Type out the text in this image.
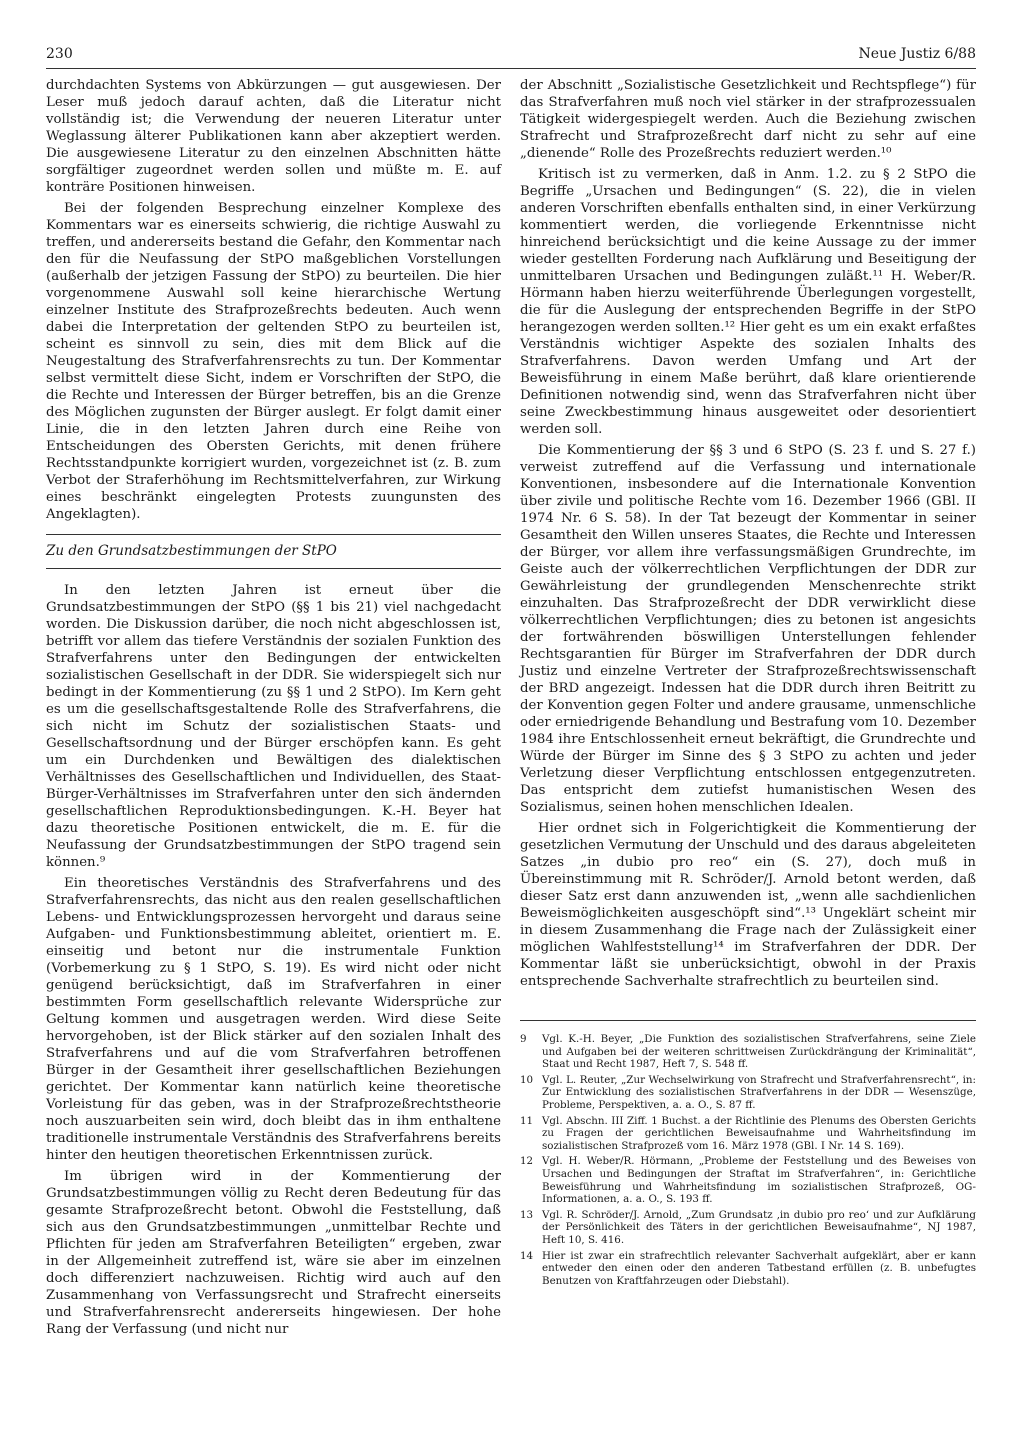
230	Neue Justiz 6/88

durchdachten Systems von Abkürzungen — gut ausgewiesen. Der Leser muß jedoch darauf achten, daß die Literatur nicht vollständig ist; die Verwendung der neueren Literatur unter Weglassung älterer Publikationen kann aber akzeptiert werden. Die ausgewiesene Literatur zu den einzelnen Abschnitten hätte sorgfältiger zugeordnet werden sollen und müßte m. E. auf konträre Positionen hinweisen.

Bei der folgenden Besprechung einzelner Komplexe des Kommentars war es einerseits schwierig, die richtige Auswahl zu treffen, und andererseits bestand die Gefahr, den Kommentar nach den für die Neufassung der StPO maßgeblichen Vorstellungen (außerhalb der jetzigen Fassung der StPO) zu beurteilen. Die hier vorgenommene Auswahl soll keine hierarchische Wertung einzelner Institute des Strafprozeßrechts bedeuten. Auch wenn dabei die Interpretation der geltenden StPO zu beurteilen ist, scheint es sinnvoll zu sein, dies mit dem Blick auf die Neugestaltung des Strafverfahrensrechts zu tun. Der Kommentar selbst vermittelt diese Sicht, indem er Vorschriften der StPO, die die Rechte und Interessen der Bürger betreffen, bis an die Grenze des Möglichen zugunsten der Bürger auslegt. Er folgt damit einer Linie, die in den letzten Jahren durch eine Reihe von Entscheidungen des Obersten Gerichts, mit denen frühere Rechtsstandpunkte korrigiert wurden, vorgezeichnet ist (z. B. zum Verbot der Straferhöhung im Rechtsmittelverfahren, zur Wirkung eines beschränkt eingelegten Protests zuungunsten des Angeklagten).

Zu den Grundsatzbestimmungen der StPO

In den letzten Jahren ist erneut über die Grundsatzbestimmungen der StPO (§§ 1 bis 21) viel nachgedacht worden. Die Diskussion darüber, die noch nicht abgeschlossen ist, betrifft vor allem das tiefere Verständnis der sozialen Funktion des Strafverfahrens unter den Bedingungen der entwickelten sozialistischen Gesellschaft in der DDR. Sie widerspiegelt sich nur bedingt in der Kommentierung (zu §§ 1 und 2 StPO). Im Kern geht es um die gesellschaftsgestaltende Rolle des Strafverfahrens, die sich nicht im Schutz der sozialistischen Staats- und Gesellschaftsordnung und der Bürger erschöpfen kann. Es geht um ein Durchdenken und Bewältigen des dialektischen Verhältnisses des Gesellschaftlichen und Individuellen, des Staat-Bürger-Verhältnisses im Strafverfahren unter den sich ändernden gesellschaftlichen Reproduktionsbedingungen. K.-H. Beyer hat dazu theoretische Positionen entwickelt, die m. E. für die Neufassung der Grundsatzbestimmungen der StPO tragend sein können.⁹

Ein theoretisches Verständnis des Strafverfahrens und des Strafverfahrensrechts, das nicht aus den realen gesellschaftlichen Lebens- und Entwicklungsprozessen hervorgeht und daraus seine Aufgaben- und Funktionsbestimmung ableitet, orientiert m. E. einseitig und betont nur die instrumentale Funktion (Vorbemerkung zu § 1 StPO, S. 19). Es wird nicht oder nicht genügend berücksichtigt, daß im Strafverfahren in einer bestimmten Form gesellschaftlich relevante Widersprüche zur Geltung kommen und ausgetragen werden. Wird diese Seite hervorgehoben, ist der Blick stärker auf den sozialen Inhalt des Strafverfahrens und auf die vom Strafverfahren betroffenen Bürger in der Gesamtheit ihrer gesellschaftlichen Beziehungen gerichtet. Der Kommentar kann natürlich keine theoretische Vorleistung für das geben, was in der Strafprozeßrechtstheorie noch auszuarbeiten sein wird, doch bleibt das in ihm enthaltene traditionelle instrumentale Verständnis des Strafverfahrens bereits hinter den heutigen theoretischen Erkenntnissen zurück.

Im übrigen wird in der Kommentierung der Grundsatzbestimmungen völlig zu Recht deren Bedeutung für das gesamte Strafprozeßrecht betont. Obwohl die Feststellung, daß sich aus den Grundsatzbestimmungen „unmittelbar Rechte und Pflichten für jeden am Strafverfahren Beteiligten“ ergeben, zwar in der Allgemeinheit zutreffend ist, wäre sie aber im einzelnen doch differenziert nachzuweisen. Richtig wird auch auf den Zusammenhang von Verfassungsrecht und Strafrecht einerseits und Strafverfahrensrecht andererseits hingewiesen. Der hohe Rang der Verfassung (und nicht nur

der Abschnitt „Sozialistische Gesetzlichkeit und Rechtspflege“) für das Strafverfahren muß noch viel stärker in der strafprozessualen Tätigkeit widergespiegelt werden. Auch die Beziehung zwischen Strafrecht und Strafprozeßrecht darf nicht zu sehr auf eine „dienende“ Rolle des Prozeßrechts reduziert werden.¹⁰

Kritisch ist zu vermerken, daß in Anm. 1.2. zu § 2 StPO die Begriffe „Ursachen und Bedingungen“ (S. 22), die in vielen anderen Vorschriften ebenfalls enthalten sind, in einer Verkürzung kommentiert werden, die vorliegende Erkenntnisse nicht hinreichend berücksichtigt und die keine Aussage zu der immer wieder gestellten Forderung nach Aufklärung und Beseitigung der unmittelbaren Ursachen und Bedingungen zuläßt.¹¹ H. Weber/R. Hörmann haben hierzu weiterführende Überlegungen vorgestellt, die für die Auslegung der entsprechenden Begriffe in der StPO herangezogen werden sollten.¹² Hier geht es um ein exakt erfaßtes Verständnis wichtiger Aspekte des sozialen Inhalts des Strafverfahrens. Davon werden Umfang und Art der Beweisführung in einem Maße berührt, daß klare orientierende Definitionen notwendig sind, wenn das Strafverfahren nicht über seine Zweckbestimmung hinaus ausgeweitet oder desorientiert werden soll.

Die Kommentierung der §§ 3 und 6 StPO (S. 23 f. und S. 27 f.) verweist zutreffend auf die Verfassung und internationale Konventionen, insbesondere auf die Internationale Konvention über zivile und politische Rechte vom 16. Dezember 1966 (GBl. II 1974 Nr. 6 S. 58). In der Tat bezeugt der Kommentar in seiner Gesamtheit den Willen unseres Staates, die Rechte und Interessen der Bürger, vor allem ihre verfassungsmäßigen Grundrechte, im Geiste auch der völkerrechtlichen Verpflichtungen der DDR zur Gewährleistung der grundlegenden Menschenrechte strikt einzuhalten. Das Strafprozeßrecht der DDR verwirklicht diese völkerrechtlichen Verpflichtungen; dies zu betonen ist angesichts der fortwährenden böswilligen Unterstellungen fehlender Rechtsgarantien für Bürger im Strafverfahren der DDR durch Justiz und einzelne Vertreter der Strafprozeßrechtswissenschaft der BRD angezeigt. Indessen hat die DDR durch ihren Beitritt zu der Konvention gegen Folter und andere grausame, unmenschliche oder erniedrigende Behandlung und Bestrafung vom 10. Dezember 1984 ihre Entschlossenheit erneut bekräftigt, die Grundrechte und Würde der Bürger im Sinne des § 3 StPO zu achten und jeder Verletzung dieser Verpflichtung entschlossen entgegenzutreten. Das entspricht dem zutiefst humanistischen Wesen des Sozialismus, seinen hohen menschlichen Idealen.

Hier ordnet sich in Folgerichtigkeit die Kommentierung der gesetzlichen Vermutung der Unschuld und des daraus abgeleiteten Satzes „in dubio pro reo“ ein (S. 27), doch muß in Übereinstimmung mit R. Schröder/J. Arnold betont werden, daß dieser Satz erst dann anzuwenden ist, „wenn alle sachdienlichen Beweismöglichkeiten ausgeschöpft sind“.¹³ Ungeklärt scheint mir in diesem Zusammenhang die Frage nach der Zulässigkeit einer möglichen Wahlfeststellung¹⁴ im Strafverfahren der DDR. Der Kommentar läßt sie unberücksichtigt, obwohl in der Praxis entsprechende Sachverhalte strafrechtlich zu beurteilen sind.

9	Vgl. K.-H. Beyer, „Die Funktion des sozialistischen Strafverfahrens, seine Ziele und Aufgaben bei der weiteren schrittweisen Zurückdrängung der Kriminalität“, Staat und Recht 1987, Heft 7, S. 548 ff.
10 Vgl. L. Reuter, „Zur Wechselwirkung von Strafrecht und Strafverfahrensrecht“, in: Zur Entwicklung des sozialistischen Strafverfahrens in der DDR — Wesenszüge, Probleme, Perspektiven, a. a. O., S. 87 ff.
11 Vgl. Abschn. III Ziff. 1 Buchst. a der Richtlinie des Plenums des Obersten Gerichts zu Fragen der gerichtlichen Beweisaufnahme und Wahrheitsfindung im sozialistischen Strafprozeß vom 16. März 1978 (GBl. I Nr. 14 S. 169).
12 Vgl. H. Weber/R. Hörmann, „Probleme der Feststellung und des Beweises von Ursachen und Bedingungen der Straftat im Strafverfahren“, in: Gerichtliche Beweisführung und Wahrheitsfindung im sozialistischen Strafprozeß, OG-Informationen, a. a. O., S. 193 ff.
13 Vgl. R. Schröder/J. Arnold, „Zum Grundsatz ‚in dubio pro reo‘ und zur Aufklärung der Persönlichkeit des Täters in der gerichtlichen Beweisaufnahme“, NJ 1987, Heft 10, S. 416.
14 Hier ist zwar ein strafrechtlich relevanter Sachverhalt aufgeklärt, aber er kann entweder den einen oder den anderen Tatbestand erfüllen (z. B. unbefugtes Benutzen von Kraftfahrzeugen oder Diebstahl).
